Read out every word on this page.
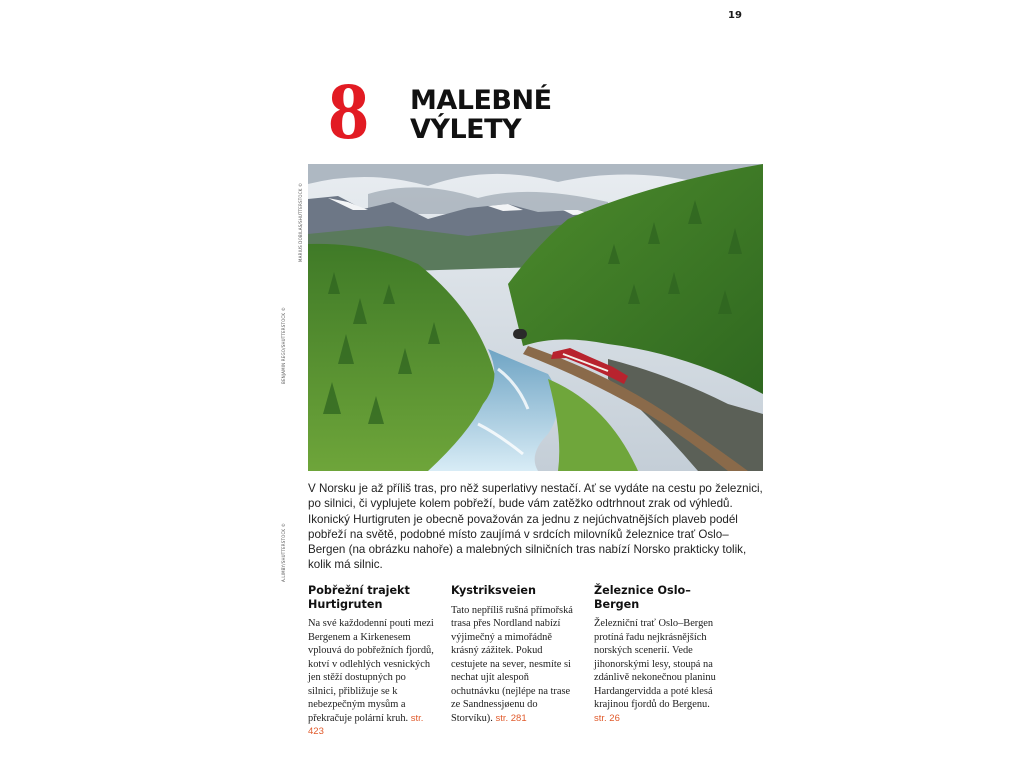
19
8 MALEBNÉ
VÝLETY
MARIUS DOBILAS/SHUTTERSTOCK ©
BENJAMIN REGO/SHUTTERSTOCK ©
A.LIMBY/SHUTTERSTOCK ©

V Norsku je až příliš tras, pro něž superlativy nestačí. Ať se vydáte na cestu po železnici, po silnici, či vyplujete kolem pobřeží, bude vám zatěžko odtrhnout zrak od výhledů. Ikonický Hurtigruten je obecně považován za jednu z nejúchvatnějších plaveb podél pobřeží na světě, podobné místo zaujímá v srdcích milovníků železnice trať Oslo–Bergen (na obrázku nahoře) a malebných silničních tras nabízí Norsko prakticky tolik, kolik má silnic.

Pobřežní trajekt Hurtigruten

Na své každodenní pouti mezi Bergenem a Kirkenesem vplouvá do pobřežních fjordů, kotví v odlehlých vesnických jen stěží dostupných po silnici, přibližuje se k nebezpečným mysům a překračuje polární kruh. str. 423

Kystriksveien

Tato nepříliš rušná přímořská trasa přes Nordland nabízí výjimečný a mimořádně krásný zážitek. Pokud cestujete na sever, nesmíte si nechat ujít alespoň ochutnávku (nejlépe na trase ze Sandnessjøenu do Storvíku). str. 281

Železnice Oslo–Bergen

Železniční trať Oslo–Bergen protíná řadu nejkrásnějších norských scenerií. Vede jihonorskými lesy, stoupá na zdánlivě nekonečnou planinu Hardangervidda a poté klesá krajinou fjordů do Bergenu. str. 26
